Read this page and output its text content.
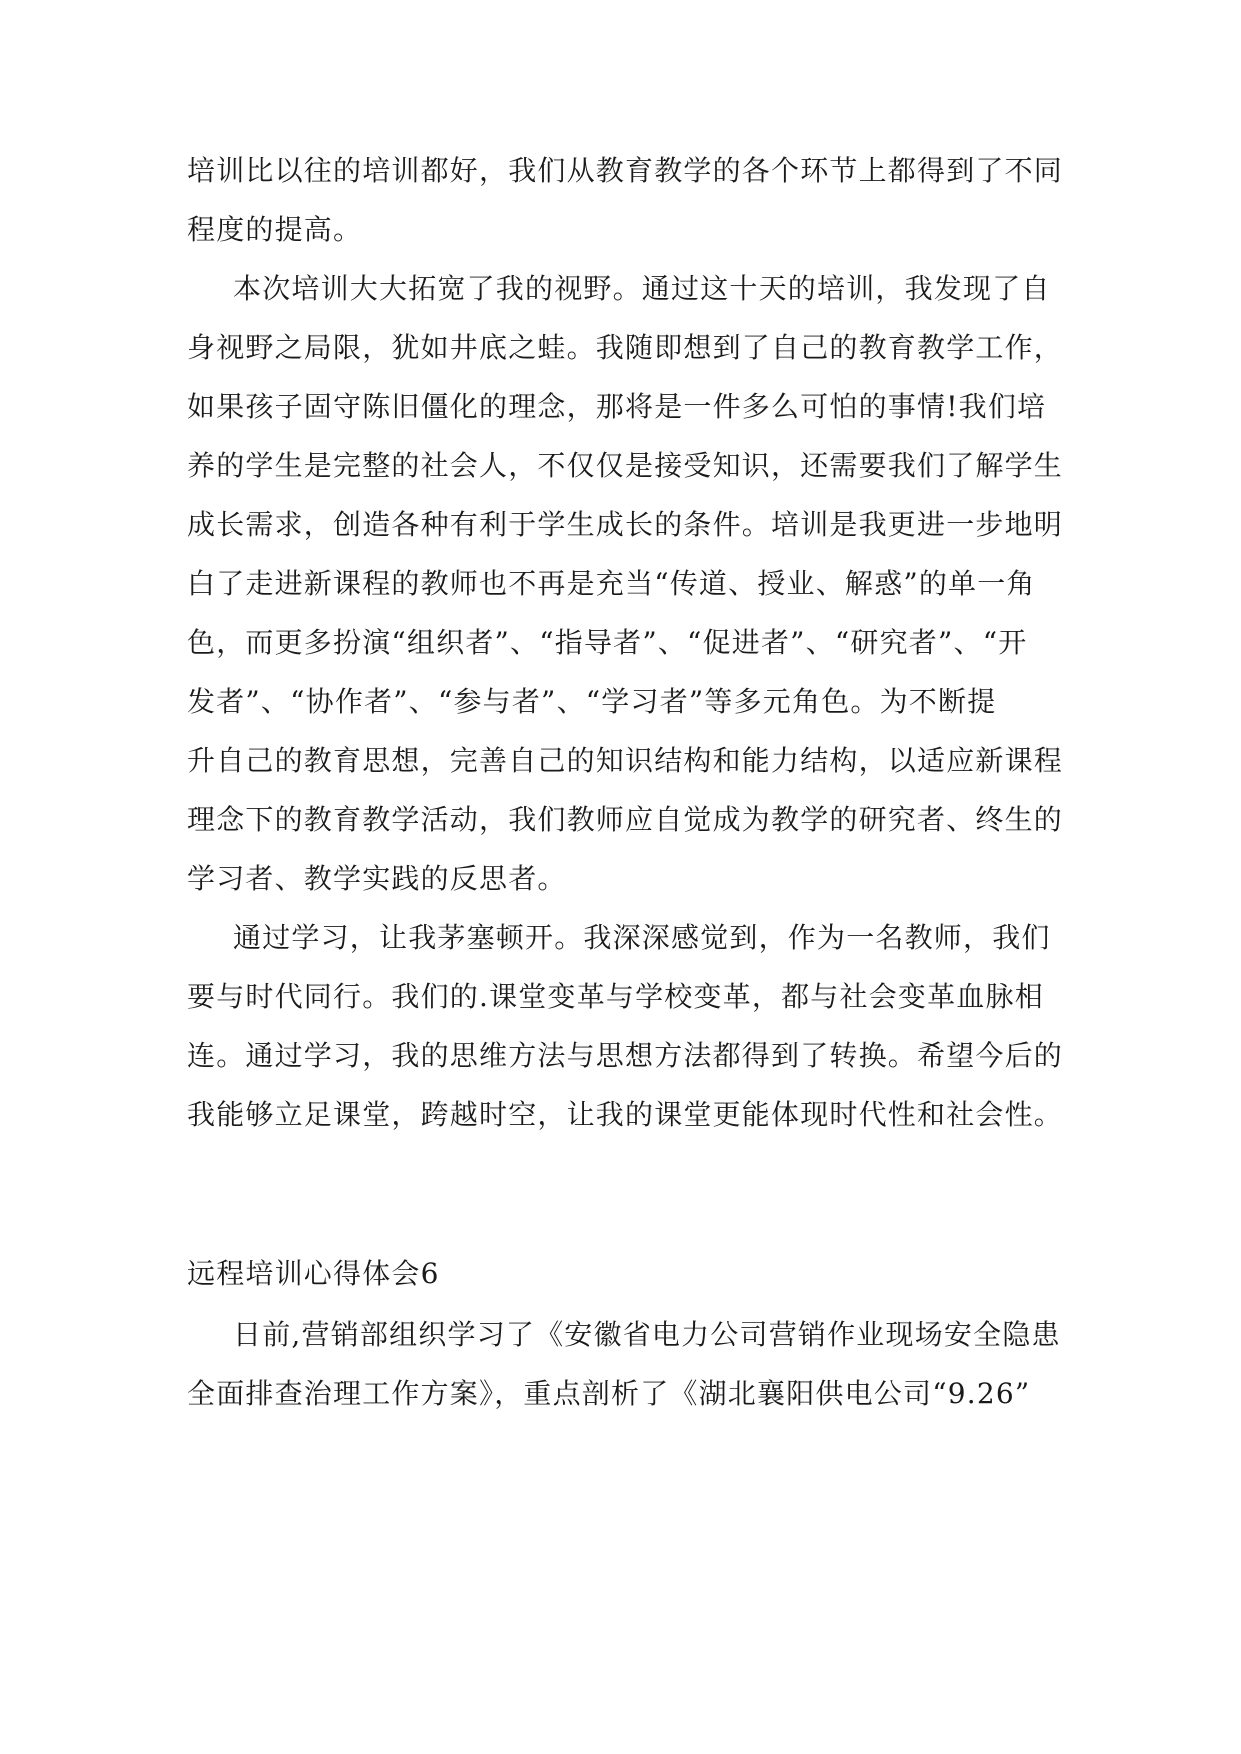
培训比以往的培训都好，我们从教育教学的各个环节上都得到了不同
程度的提高。
本次培训大大拓宽了我的视野。通过这十天的培训，我发现了自
身视野之局限，犹如井底之蛙。我随即想到了自己的教育教学工作，
如果孩子固守陈旧僵化的理念，那将是一件多么可怕的事情!我们培
养的学生是完整的社会人，不仅仅是接受知识，还需要我们了解学生
成长需求，创造各种有利于学生成长的条件。培训是我更进一步地明
白了走进新课程的教师也不再是充当“传道、授业、解惑”的单一角
色，而更多扮演“组织者”、“指导者”、“促进者”、“研究者”、“开
发者”、“协作者”、“参与者”、“学习者”等多元角色。为不断提
升自己的教育思想，完善自己的知识结构和能力结构，以适应新课程
理念下的教育教学活动，我们教师应自觉成为教学的研究者、终生的
学习者、教学实践的反思者。
通过学习，让我茅塞顿开。我深深感觉到，作为一名教师，我们
要与时代同行。我们的.课堂变革与学校变革，都与社会变革血脉相
连。通过学习，我的思维方法与思想方法都得到了转换。希望今后的
我能够立足课堂，跨越时空，让我的课堂更能体现时代性和社会性。
远程培训心得体会6
日前,营销部组织学习了《安徽省电力公司营销作业现场安全隐患
全面排查治理工作方案》，重点剖析了《湖北襄阳供电公司“9.26”
